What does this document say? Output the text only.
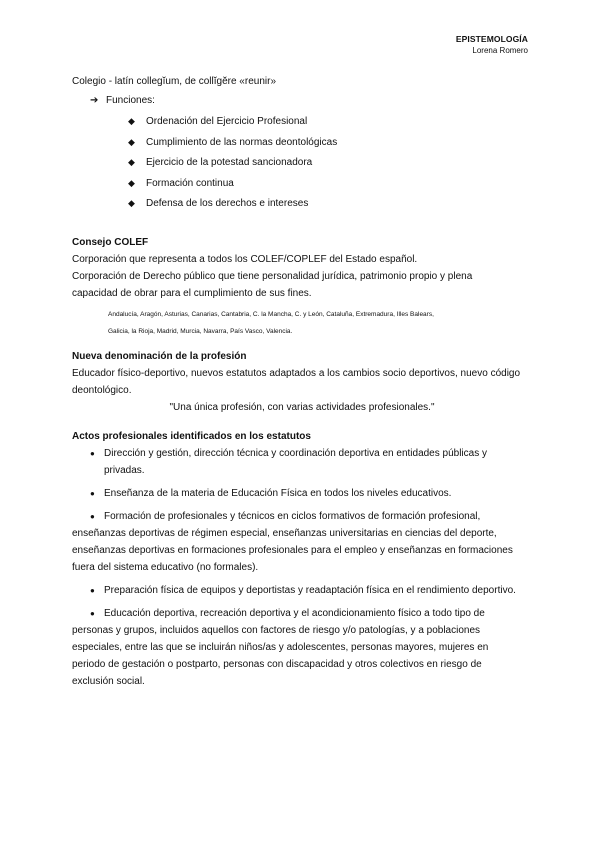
EPISTEMOLOGÍA
Lorena Romero

Colegio - latín collegĭum, de collĭgĕre «reunir»

➔ Funciones:
◆ Ordenación del Ejercicio Profesional
◆ Cumplimiento de las normas deontológicas
◆ Ejercicio de la potestad sancionadora
◆ Formación continua
◆ Defensa de los derechos e intereses

Consejo COLEF

Corporación que representa a todos los COLEF/COPLEF del Estado español.

Corporación de Derecho público que tiene personalidad jurídica, patrimonio propio y plena

capacidad de obrar para el cumplimiento de sus fines.

Andalucía, Aragón, Asturias, Canarias, Cantabria, C. la Mancha, C. y León, Cataluña, Extremadura, Illes Balears,

Galicia, la Rioja, Madrid, Murcia, Navarra, País Vasco, Valencia.

Nueva denominación de la profesión

Educador físico-deportivo, nuevos estatutos adaptados a los cambios socio deportivos, nuevo código

deontológico.

"Una única profesión, con varias actividades profesionales."

Actos profesionales identificados en los estatutos

● Dirección y gestión, dirección técnica y coordinación deportiva en entidades públicas y

privadas.

● Enseñanza de la materia de Educación Física en todos los niveles educativos.

● Formación de profesionales y técnicos en ciclos formativos de formación profesional,

enseñanzas deportivas de régimen especial, enseñanzas universitarias en ciencias del deporte,

enseñanzas deportivas en formaciones profesionales para el empleo y enseñanzas en formaciones

fuera del sistema educativo (no formales).

● Preparación física de equipos y deportistas y readaptación física en el rendimiento deportivo.

● Educación deportiva, recreación deportiva y el acondicionamiento físico a todo tipo de

personas y grupos, incluidos aquellos con factores de riesgo y/o patologías, y a poblaciones

especiales, entre las que se incluirán niños/as y adolescentes, personas mayores, mujeres en

periodo de gestación o postparto, personas con discapacidad y otros colectivos en riesgo de

exclusión social.
